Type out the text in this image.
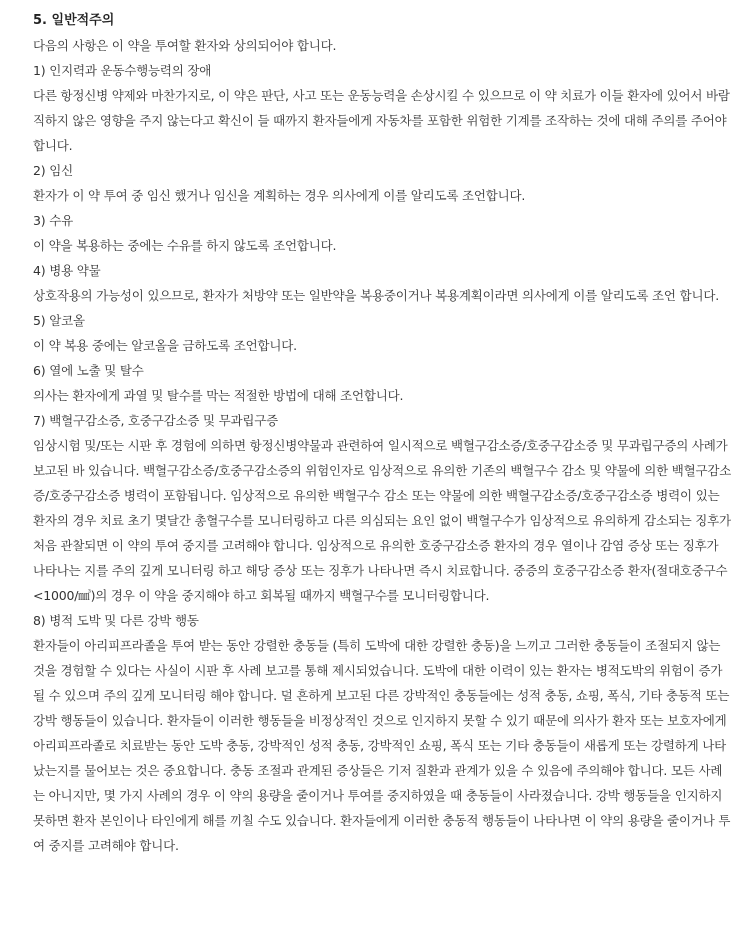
5. 일반적주의

다음의 사항은 이 약을 투여할 환자와 상의되어야 합니다.

1) 인지력과 운동수행능력의 장애

다른 항정신병 약제와 마찬가지로, 이 약은 판단, 사고 또는 운동능력을 손상시킬 수 있으므로 이 약 치료가 이들 환자에 있어서 바람직하지 않은 영향을 주지 않는다고 확신이 들 때까지 환자들에게 자동차를 포함한 위험한 기계를 조작하는 것에 대해 주의를 주어야 합니다.

2) 임신

환자가 이 약 투여 중 임신 했거나 임신을 계획하는 경우 의사에게 이를 알리도록 조언합니다.

3) 수유

이 약을 복용하는 중에는 수유를 하지 않도록 조언합니다.

4) 병용 약물

상호작용의 가능성이 있으므로, 환자가 처방약 또는 일반약을 복용중이거나 복용계획이라면 의사에게 이를 알리도록 조언 합니다.

5) 알코올

이 약 복용 중에는 알코올을 금하도록 조언합니다.

6) 열에 노출 및 탈수

의사는 환자에게 과열 및 탈수를 막는 적절한 방법에 대해 조언합니다.

7) 백혈구감소증, 호중구감소증 및 무과립구증

임상시험 및/또는 시판 후 경험에 의하면 항정신병약물과 관련하여 일시적으로 백혈구감소증/호중구감소증 및 무과립구증의 사례가 보고된 바 있습니다. 백혈구감소증/호중구감소증의 위험인자로 임상적으로 유의한 기존의 백혈구수 감소 및 약물에 의한 백혈구감소증/호중구감소증 병력이 포함됩니다. 임상적으로 유의한 백혈구수 감소 또는 약물에 의한 백혈구감소증/호중구감소증 병력이 있는 환자의 경우 치료 초기 몇달간 총혈구수를 모니터링하고 다른 의심되는 요인 없이 백혈구수가 임상적으로 유의하게 감소되는 징후가 처음 관찰되면 이 약의 투여 중지를 고려해야 합니다. 임상적으로 유의한 호중구감소증 환자의 경우 열이나 감염 증상 또는 징후가 나타나는 지를 주의 깊게 모니터링 하고 해당 증상 또는 징후가 나타나면 즉시 치료합니다. 중증의 호중구감소증 환자(절대호중구수<1000/㎣)의 경우 이 약을 중지해야 하고 회복될 때까지 백혈구수를 모니터링합니다.

8) 병적 도박 및 다른 강박 행동

환자들이 아리피프라졸을 투여 받는 동안 강렬한 충동들 (특히 도박에 대한 강렬한 충동)을 느끼고 그러한 충동들이 조절되지 않는 것을 경험할 수 있다는 사실이 시판 후 사례 보고를 통해 제시되었습니다. 도박에 대한 이력이 있는 환자는 병적도박의 위험이 증가될 수 있으며 주의 깊게 모니터링 해야 합니다. 덜 흔하게 보고된 다른 강박적인 충동들에는 성적 충동, 쇼핑, 폭식, 기타 충동적 또는 강박 행동들이 있습니다. 환자들이 이러한 행동들을 비정상적인 것으로 인지하지 못할 수 있기 때문에 의사가 환자 또는 보호자에게 아리피프라졸로 치료받는 동안 도박 충동, 강박적인 성적 충동, 강박적인 쇼핑, 폭식 또는 기타 충동들이 새롭게 또는 강렬하게 나타났는지를 물어보는 것은 중요합니다. 충동 조절과 관계된 증상들은 기저 질환과 관계가 있을 수 있음에 주의해야 합니다. 모든 사례는 아니지만, 몇 가지 사례의 경우 이 약의 용량을 줄이거나 투여를 중지하였을 때 충동들이 사라졌습니다. 강박 행동들을 인지하지 못하면 환자 본인이나 타인에게 해를 끼칠 수도 있습니다. 환자들에게 이러한 충동적 행동들이 나타나면 이 약의 용량을 줄이거나 투여 중지를 고려해야 합니다.
